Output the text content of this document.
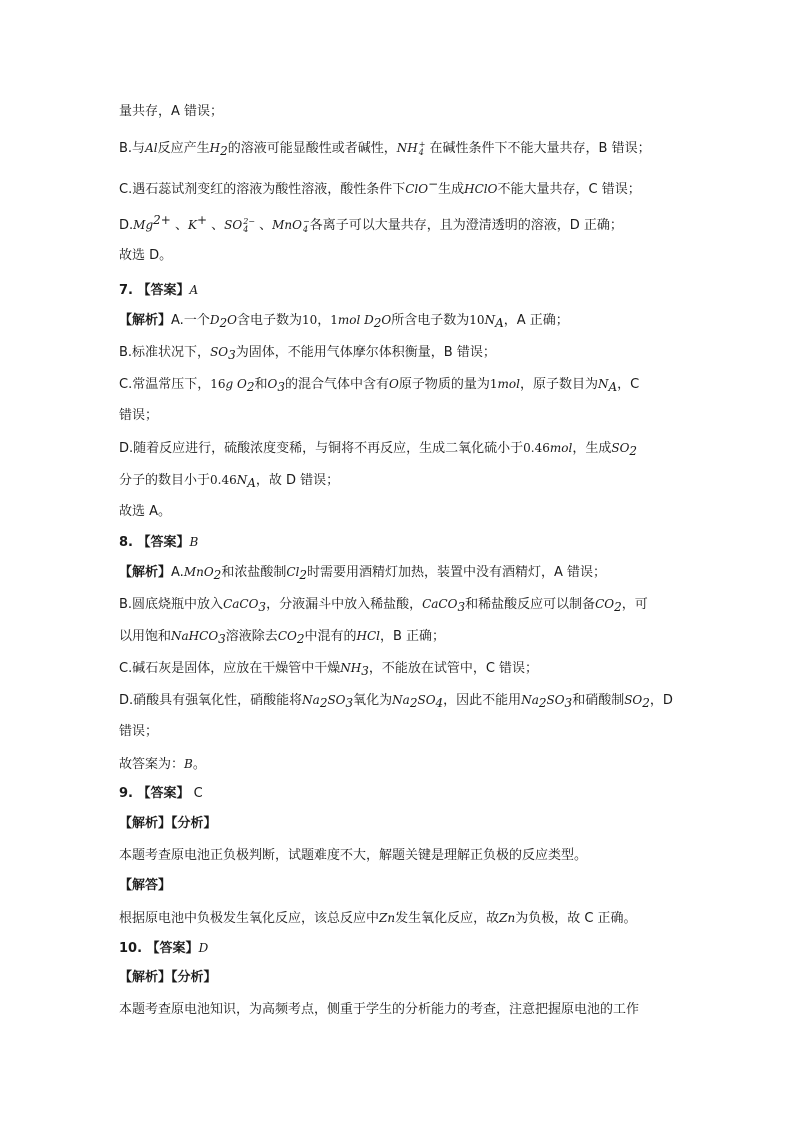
量共存，A 错误；
B.与Al反应产生$H_2$的溶液可能显酸性或者碱性，NH +
4 在碱性条件下不能大量共存，B 错误；
C.遇石蕊试剂变红的溶液为酸性溶液，酸性条件下ClO−生成HClO不能大量共存，C 错误；
$D.Mg^{2+}$ 、K+ 、SO 2−
4 、MnO −
4 各离子可以大量共存，且为澄清透明的溶液，D 正确；
故选 D。
7. 【答案】A
【解析】A.一个$D_2O$含电子数为10，1mol $D_2O$所含电子数为$10N_A$，A 正确；
B.标准状况下，$SO_3$为固体，不能用气体摩尔体积衡量，B 错误；
C.常温常压下，16g $O_2$和$O_3$的混合气体中含有O原子物质的量为1mol，原子数目为$N_A$，C
错误；
D.随着反应进行，硫酸浓度变稀，与铜将不再反应，生成二氧化硫小于0.46mol，生成$SO_2$
分子的数目小于$0.46N_A$，故 D 错误；
故选 A。
8. 【答案】B
【解析】A.MnO$_2$和浓盐酸制$Cl_2$时需要用酒精灯加热，装置中没有酒精灯，A 错误；
B.圆底烧瓶中放入CaCO$_3$，分液漏斗中放入稀盐酸，CaCO$_3$和稀盐酸反应可以制备$CO_2$，可
以用饱和NaHCO$_3$溶液除去$CO_2$中混有的HCl，B 正确；
C.碱石灰是固体，应放在干燥管中干燥$NH_3$，不能放在试管中，C 错误；
D.硝酸具有强氧化性，硝酸能将$Na_2SO_3$氧化为$Na_2SO_4$，因此不能用$Na_2SO_3$和硝酸制$SO_2$，D
错误；
故答案为：B。
9. 【答案】 C
【解析】【分析】
本题考查原电池正负极判断，试题难度不大，解题关键是理解正负极的反应类型。
【解答】
根据原电池中负极发生氧化反应，该总反应中Zn发生氧化反应，故Zn为负极，故 C 正确。
10. 【答案】D
【解析】【分析】
本题考查原电池知识，为高频考点，侧重于学生的分析能力的考查，注意把握原电池的工作
